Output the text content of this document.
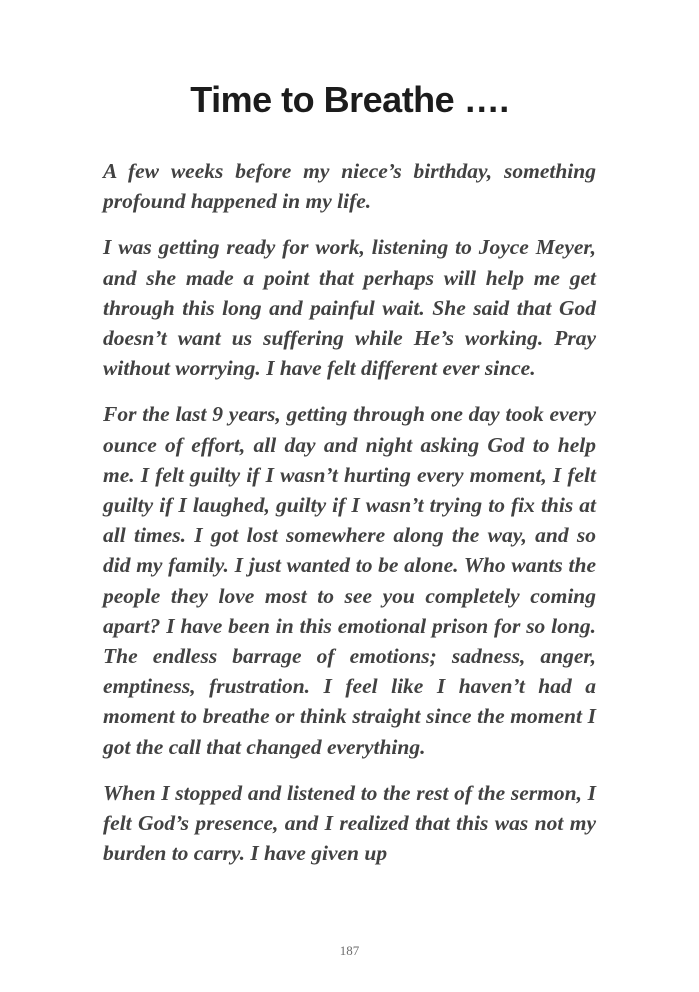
Time to Breathe ….

A few weeks before my niece’s birthday, something profound happened in my life.

I was getting ready for work, listening to Joyce Meyer, and she made a point that perhaps will help me get through this long and painful wait. She said that God doesn’t want us suffering while He’s working. Pray without worrying. I have felt different ever since.

For the last 9 years, getting through one day took every ounce of effort, all day and night asking God to help me. I felt guilty if I wasn’t hurting every moment, I felt guilty if I laughed, guilty if I wasn’t trying to fix this at all times. I got lost somewhere along the way, and so did my family. I just wanted to be alone. Who wants the people they love most to see you completely coming apart? I have been in this emotional prison for so long. The endless barrage of emotions; sadness, anger, emptiness, frustration. I feel like I haven’t had a moment to breathe or think straight since the moment I got the call that changed everything.

When I stopped and listened to the rest of the sermon, I felt God’s presence, and I realized that this was not my burden to carry. I have given up

187
